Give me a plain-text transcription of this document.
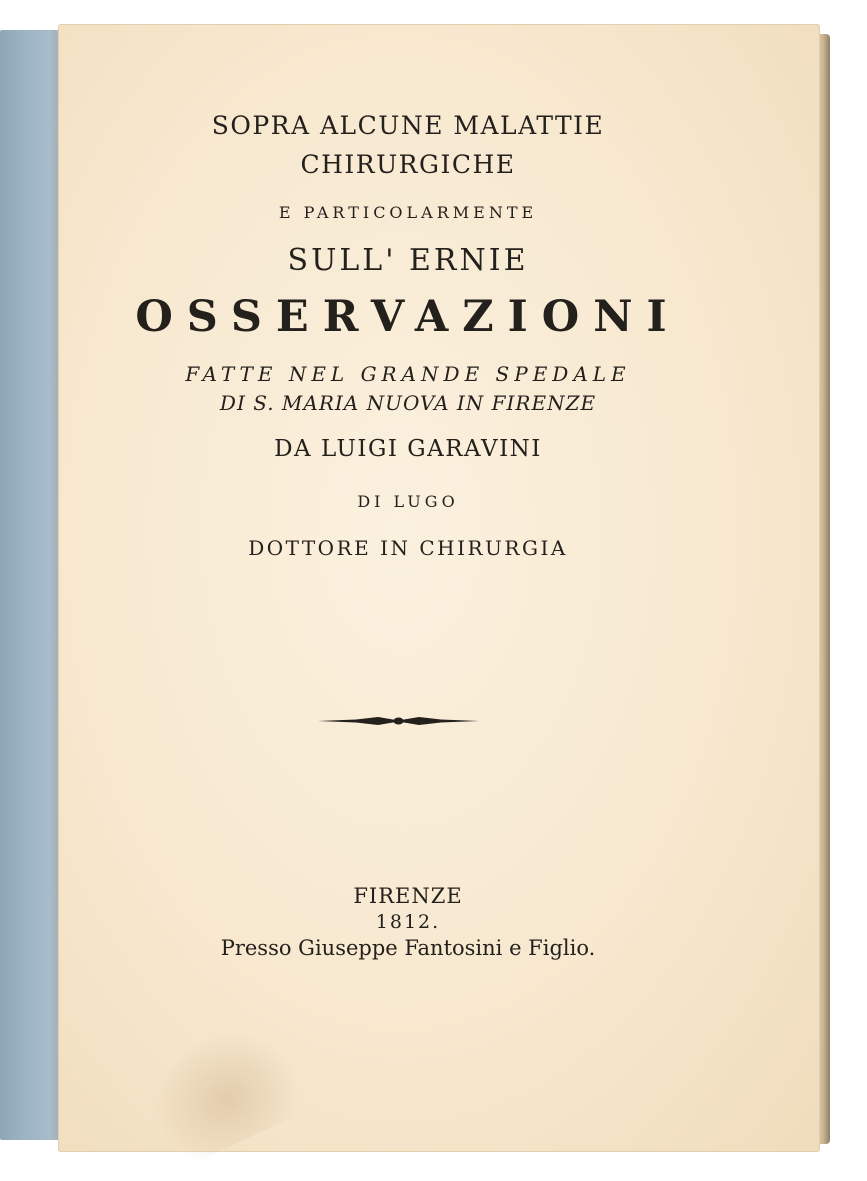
SOPRA ALCUNE MALATTIE
CHIRURGICHE
E PARTICOLARMENTE
SULL' ERNIE
OSSERVAZIONI
FATTE NEL GRANDE SPEDALE
DI S. MARIA NUOVA IN FIRENZE
DA LUIGI GARAVINI
DI LUGO
DOTTORE IN CHIRURGIA
FIRENZE
1812.
Presso Giuseppe Fantosini e Figlio.
